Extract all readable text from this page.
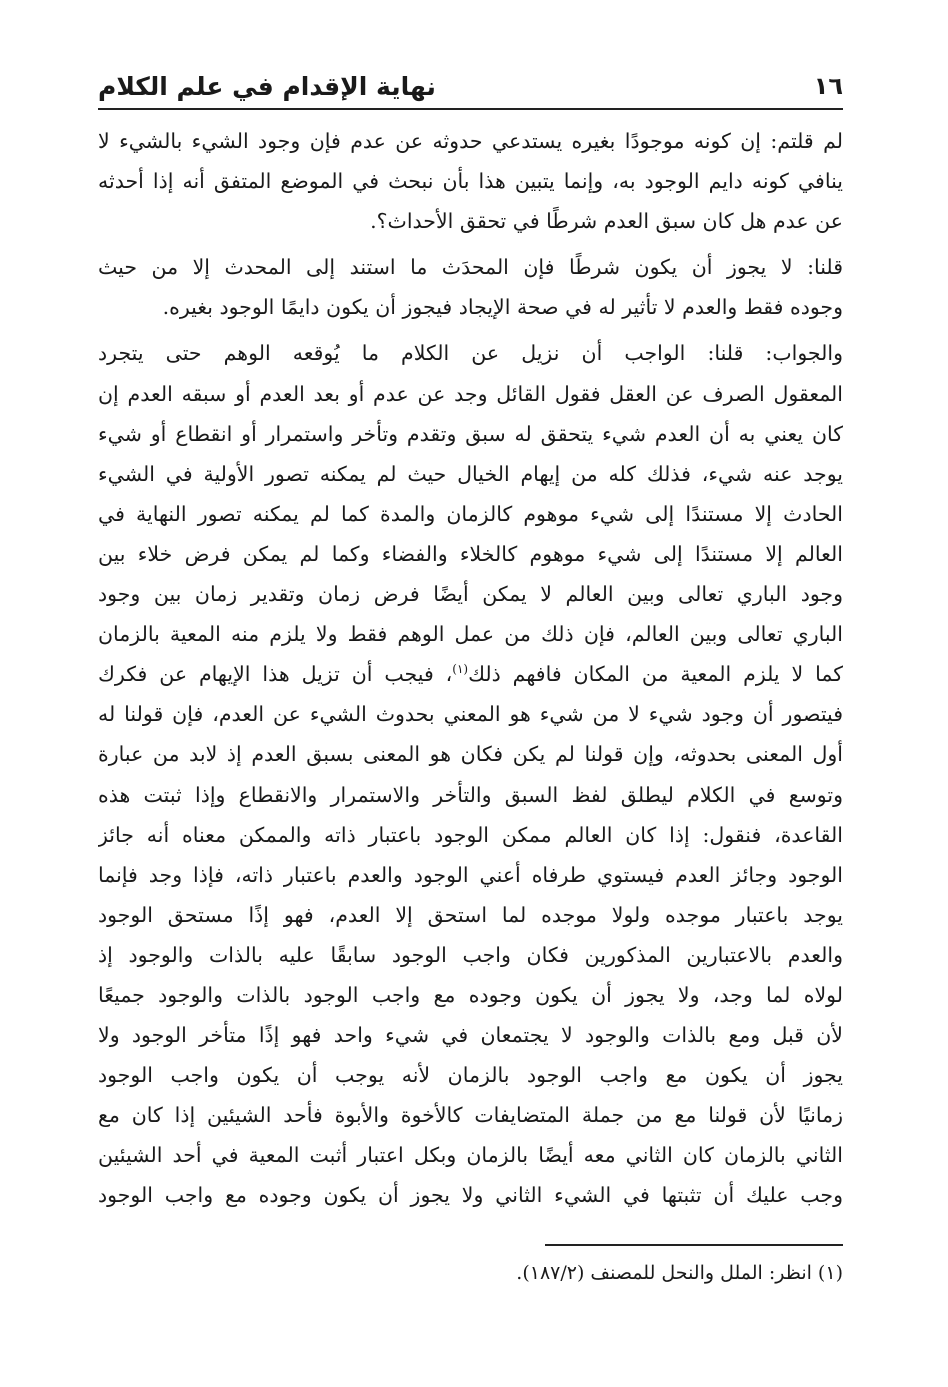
نهاية الإقدام في علم الكلام	١٦
لم قلتم: إن كونه موجودًا بغيره يستدعي حدوثه عن عدم فإن وجود الشيء بالشيء لا
ينافي كونه دايم الوجود به، وإنما يتبين هذا بأن نبحث في الموضع المتفق أنه إذا أحدثه
عن عدم هل كان سبق العدم شرطًا في تحقق الأحداث؟.
قلنا: لا يجوز أن يكون شرطًا فإن المحدَث ما استند إلى المحدث إلا من حيث
وجوده فقط والعدم لا تأثير له في صحة الإيجاد فيجوز أن يكون دايمًا الوجود بغيره.
والجواب: قلنا: الواجب أن نزيل عن الكلام ما يُوقعه الوهم حتى يتجرد
المعقول الصرف عن العقل فقول القائل وجد عن عدم أو بعد العدم أو سبقه العدم إن
كان يعني به أن العدم شيء يتحقق له سبق وتقدم وتأخر واستمرار أو انقطاع أو شيء
يوجد عنه شيء، فذلك كله من إيهام الخيال حيث لم يمكنه تصور الأولية في الشيء
الحادث إلا مستندًا إلى شيء موهوم كالزمان والمدة كما لم يمكنه تصور النهاية في
العالم إلا مستندًا إلى شيء موهوم كالخلاء والفضاء وكما لم يمكن فرض خلاء بين
وجود الباري تعالى وبين العالم لا يمكن أيضًا فرض زمان وتقدير زمان بين وجود
الباري تعالى وبين العالم، فإن ذلك من عمل الوهم فقط ولا يلزم منه المعية بالزمان
كما لا يلزم المعية من المكان فافهم ذلك$^{(١)}$، فيجب أن تزيل هذا الإيهام عن فكرك
فيتصور أن وجود شيء لا من شيء هو المعني بحدوث الشيء عن العدم، فإن قولنا له
أول المعنى بحدوثه، وإن قولنا لم يكن فكان هو المعنى بسبق العدم إذ لابد من عبارة
وتوسع في الكلام ليطلق لفظ السبق والتأخر والاستمرار والانقطاع وإذا ثبتت هذه
القاعدة، فنقول: إذا كان العالم ممكن الوجود باعتبار ذاته والممكن معناه أنه جائز
الوجود وجائز العدم فيستوي طرفاه أعني الوجود والعدم باعتبار ذاته، فإذا وجد فإنما
يوجد باعتبار موجده ولولا موجده لما استحق إلا العدم، فهو إذًا مستحق الوجود
والعدم بالاعتبارين المذكورين فكان واجب الوجود سابقًا عليه بالذات والوجود إذ
لولاه لما وجد، ولا يجوز أن يكون وجوده مع واجب الوجود بالذات والوجود جميعًا
لأن قبل ومع بالذات والوجود لا يجتمعان في شيء واحد فهو إذًا متأخر الوجود ولا
يجوز أن يكون مع واجب الوجود بالزمان لأنه يوجب أن يكون واجب الوجود
زمانيًا لأن قولنا مع من جملة المتضايفات كالأخوة والأبوة فأحد الشيئين إذا كان مع
الثاني بالزمان كان الثاني معه أيضًا بالزمان وبكل اعتبار أثبت المعية في أحد الشيئين
وجب عليك أن تثبتها في الشيء الثاني ولا يجوز أن يكون وجوده مع واجب الوجود
(١) انظر: الملل والنحل للمصنف (١٨٧/٢).
